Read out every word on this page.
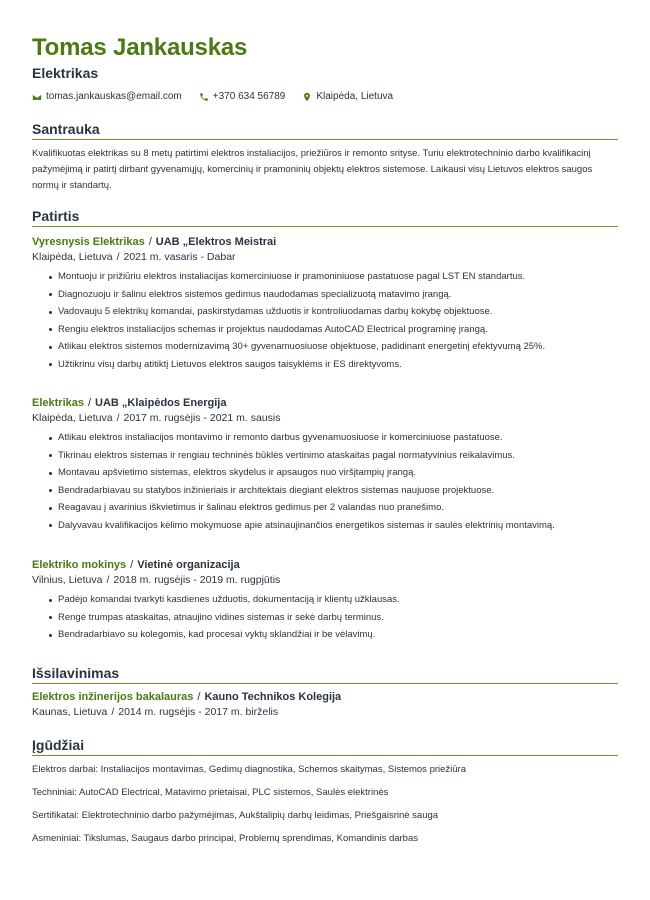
Tomas Jankauskas
Elektrikas
tomas.jankauskas@email.com	+370 634 56789	Klaipėda, Lietuva
Santrauka
Kvalifikuotas elektrikas su 8 metų patirtimi elektros instaliacijos, priežiūros ir remonto srityse. Turiu elektrotechninio darbo kvalifikacinį pažymėjimą ir patirtį dirbant gyvenamųjų, komercinių ir pramoninių objektų elektros sistemose. Laikausi visų Lietuvos elektros saugos normų ir standartų.
Patirtis
Vyresnysis Elektrikas / UAB „Elektros Meistrai
Klaipėda, Lietuva / 2021 m. vasaris - Dabar
Montuoju ir prižiūriu elektros instaliacijas komerciniuose ir pramoniniuose pastatuose pagal LST EN standartus.
Diagnozuoju ir šalinu elektros sistemos gedimus naudodamas specializuotą matavimo įrangą.
Vadovauju 5 elektrikų komandai, paskirstydamas užduotis ir kontroliuodamas darbų kokybę objektuose.
Rengiu elektros instaliacijos schemas ir projektus naudodamas AutoCAD Electrical programinę įrangą.
Atlikau elektros sistemos modernizavimą 30+ gyvenamuosiuose objektuose, padidinant energetinį efektyvumą 25%.
Užtikrinu visų darbų atitiktį Lietuvos elektros saugos taisyklėms ir ES direktyvoms.
Elektrikas / UAB „Klaipėdos Energija
Klaipėda, Lietuva / 2017 m. rugsėjis - 2021 m. sausis
Atlikau elektros instaliacijos montavimo ir remonto darbus gyvenamuosiuose ir komerciniuose pastatuose.
Tikrinau elektros sistemas ir rengiau techninės būklės vertinimo ataskaitas pagal normatyvinius reikalavimus.
Montavau apšvietimo sistemas, elektros skydelus ir apsaugos nuo viršįtampių įrangą.
Bendradarbiavau su statybos inžinieriais ir architektais diegiant elektros sistemas naujuose projektuose.
Reagavau į avarinius iškvietimus ir šalinau elektros gedimus per 2 valandas nuo pranešimo.
Dalyvavau kvalifikacijos kėlimo mokymuose apie atsinaujinančios energetikos sistemas ir saulės elektrinių montavimą.
Elektriko mokinys / Vietinė organizacija
Vilnius, Lietuva / 2018 m. rugsėjis - 2019 m. rugpjūtis
Padėjo komandai tvarkyti kasdienes užduotis, dokumentaciją ir klientų užklausas.
Rengė trumpas ataskaitas, atnaujino vidines sistemas ir sekė darbų terminus.
Bendradarbiavo su kolegomis, kad procesai vyktų sklandžiai ir be vėlavimų.
Išsilavinimas
Elektros inžinerijos bakalauras / Kauno Technikos Kolegija
Kaunas, Lietuva / 2014 m. rugsėjis - 2017 m. birželis
Įgūdžiai
Elektros darbai: Instaliacijos montavimas, Gedimų diagnostika, Schemos skaitymas, Sistemos priežiūra
Techniniai: AutoCAD Electrical, Matavimo prietaisai, PLC sistemos, Saulės elektrinės
Sertifikatai: Elektrotechninio darbo pažymėjimas, Aukštalipių darbų leidimas, Priešgaisrinė sauga
Asmeniniai: Tikslumas, Saugaus darbo principai, Problemų sprendimas, Komandinis darbas
